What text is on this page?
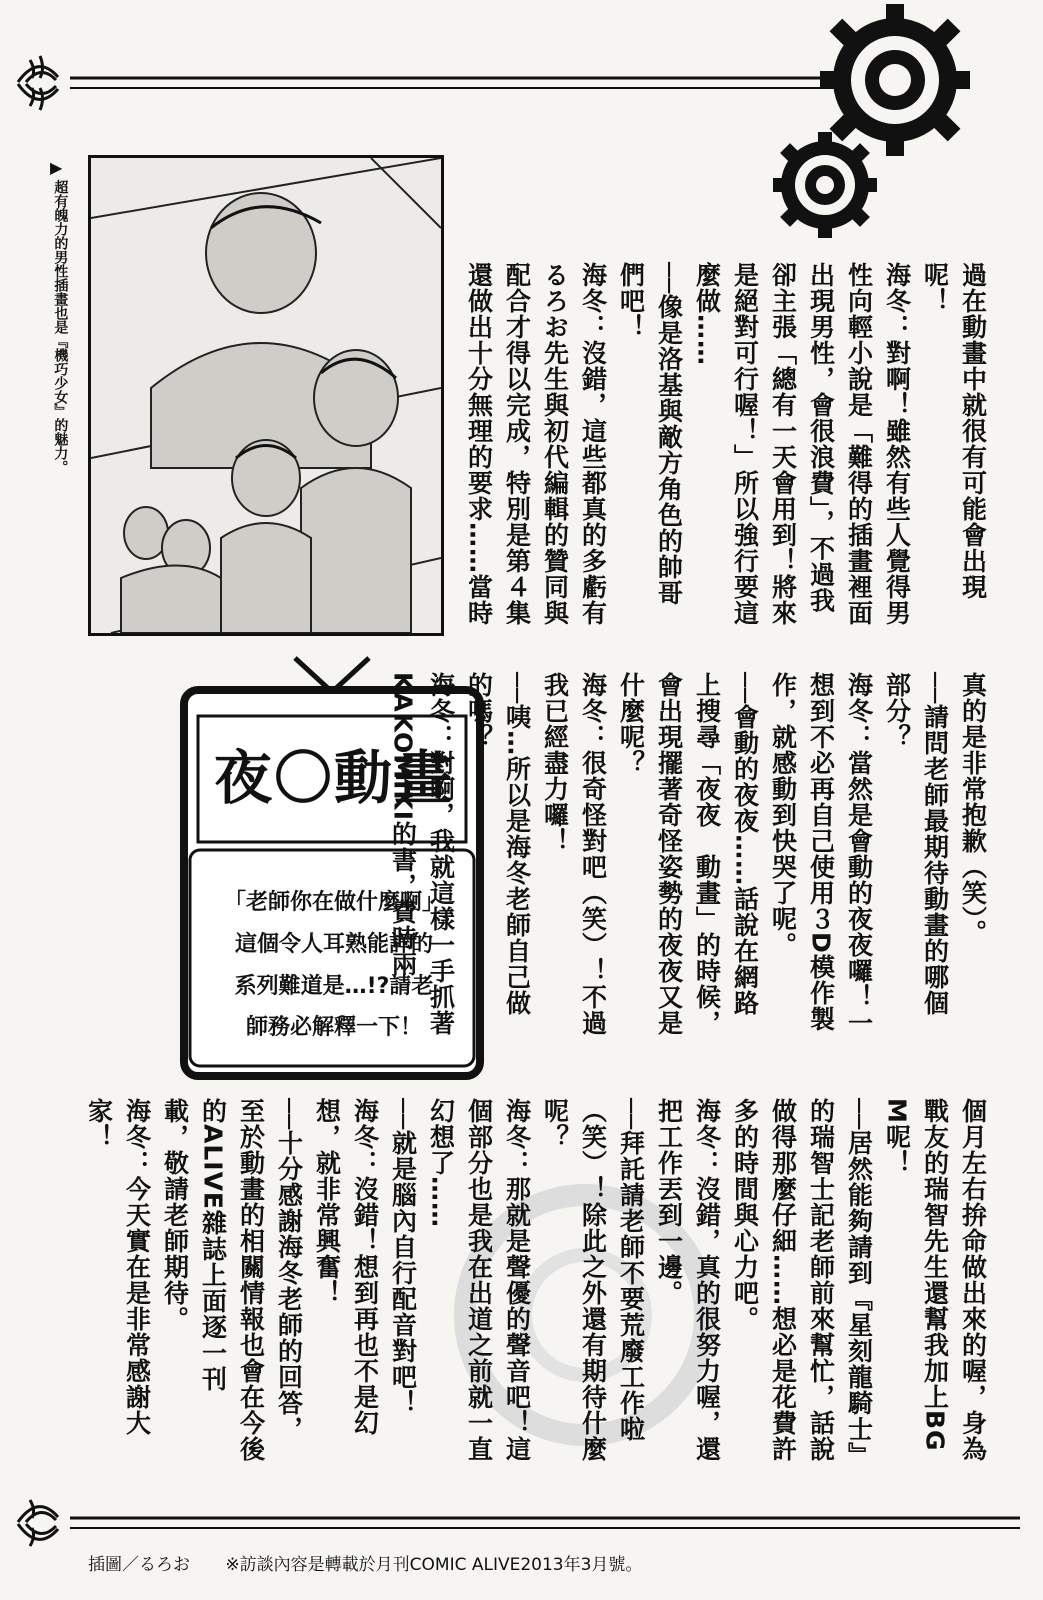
▶
超有魄力的男性插畫也是『機巧少女』的魅力。
夜〇動畫
「老師你在做什麼啊」
這個令人耳熟能詳的
系列難道是…!?請老
師務必解釋一下！
過在動畫中就很有可能會出現
呢！
海冬：對啊！雖然有些人覺得男
性向輕小說是「難得的插畫裡面
出現男性，會很浪費」，不過我
卻主張「總有一天會用到！將來
是絕對可行喔！」所以強行要這
麼做……
──像是洛基與敵方角色的帥哥
們吧！
海冬：沒錯，這些都真的多虧有
るろお先生與初代編輯的贊同與
配合才得以完成，特別是第４集
還做出十分無理的要求……當時
真的是非常抱歉（笑）。
──請問老師最期待動畫的哪個
部分？
海冬：當然是會動的夜夜囉！一
想到不必再自己使用３D模作製
作，就感動到快哭了呢。
──會動的夜夜……話說在網路
上搜尋「夜夜　動畫」的時候，
會出現擺著奇怪姿勢的夜夜又是
什麼呢？
海冬：很奇怪對吧（笑）！不過
我已經盡力囉！
──咦…所以是海冬老師自己做
的嗎？
海冬：對啊，我就這樣一手抓著
KAKOMIKI的書，費時兩
個月左右拚命做出來的喔，身為
戰友的瑞智先生還幫我加上BG
M呢！
──居然能夠請到『星刻龍騎士』
的瑞智士記老師前來幫忙，話說
做得那麼仔細……想必是花費許
多的時間與心力吧。
海冬：沒錯，真的很努力喔，還
把工作丟到一邊。
──拜託請老師不要荒廢工作啦
（笑）！除此之外還有期待什麼
呢？
海冬：那就是聲優的聲音吧！這
個部分也是我在出道之前就一直
幻想了……
──就是腦內自行配音對吧！
海冬：沒錯！想到再也不是幻
想，就非常興奮！
──十分感謝海冬老師的回答，
至於動畫的相關情報也會在今後
的ALIVE雜誌上面逐一刊
載，敬請老師期待。
海冬：今天實在是非常感謝大
家！
插圖／るろお ※訪談內容是轉載於月刊COMIC ALIVE2013年3月號。
